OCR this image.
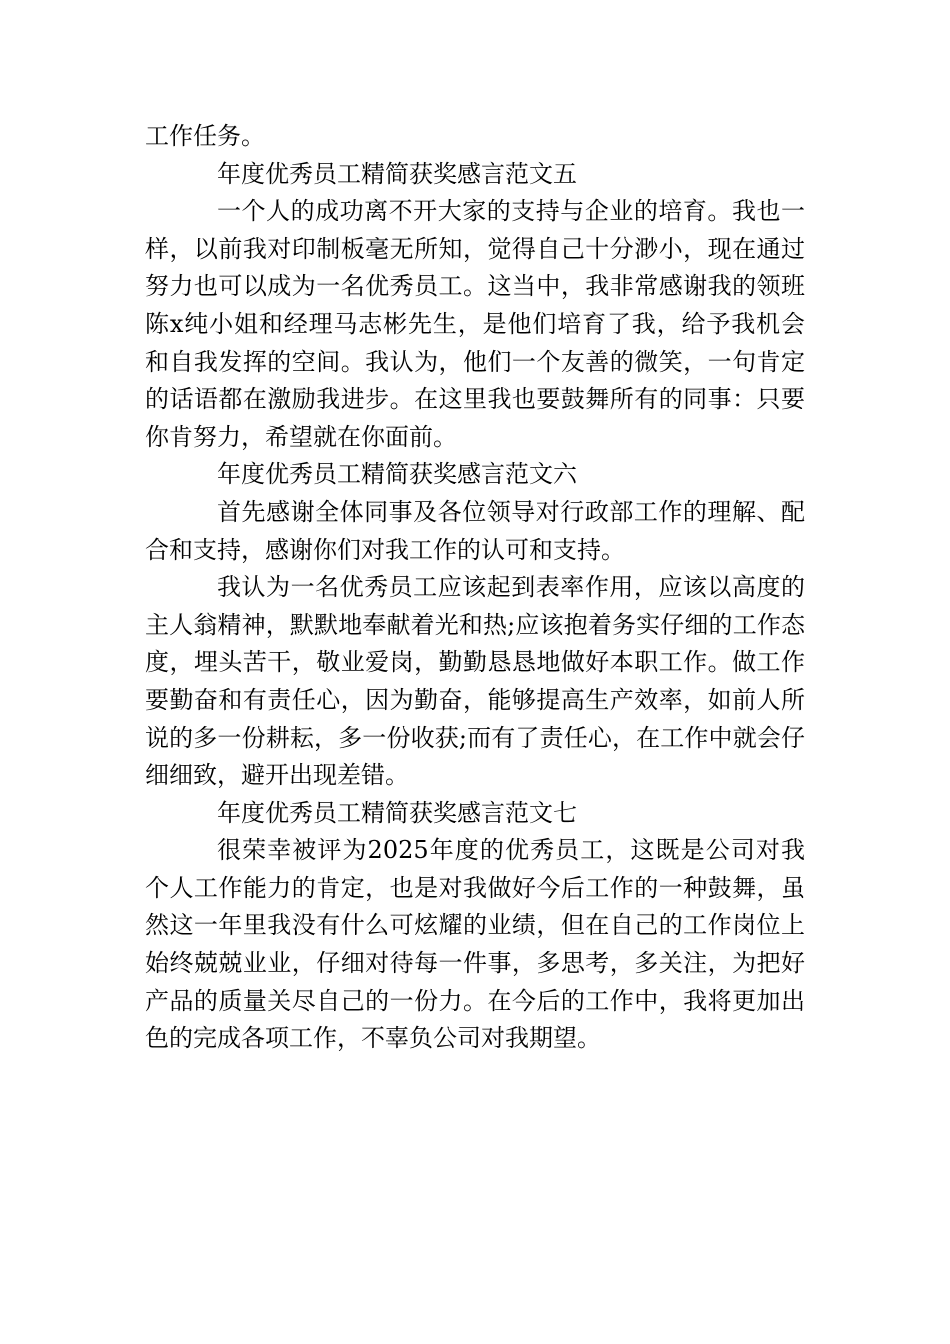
工作任务。

年度优秀员工精简获奖感言范文五

一个人的成功离不开大家的支持与企业的培育。我也一样，以前我对印制板毫无所知，觉得自己十分渺小，现在通过努力也可以成为一名优秀员工。这当中，我非常感谢我的领班陈x纯小姐和经理马志彬先生，是他们培育了我，给予我机会和自我发挥的空间。我认为，他们一个友善的微笑，一句肯定的话语都在激励我进步。在这里我也要鼓舞所有的同事：只要你肯努力，希望就在你面前。

年度优秀员工精简获奖感言范文六

首先感谢全体同事及各位领导对行政部工作的理解、配合和支持，感谢你们对我工作的认可和支持。

我认为一名优秀员工应该起到表率作用，应该以高度的主人翁精神，默默地奉献着光和热;应该抱着务实仔细的工作态度，埋头苦干，敬业爱岗，勤勤恳恳地做好本职工作。做工作要勤奋和有责任心，因为勤奋，能够提高生产效率，如前人所说的多一份耕耘，多一份收获;而有了责任心，在工作中就会仔细细致，避开出现差错。

年度优秀员工精简获奖感言范文七

很荣幸被评为2025年度的优秀员工，这既是公司对我个人工作能力的肯定，也是对我做好今后工作的一种鼓舞，虽然这一年里我没有什么可炫耀的业绩，但在自己的工作岗位上始终兢兢业业，仔细对待每一件事，多思考，多关注，为把好产品的质量关尽自己的一份力。在今后的工作中，我将更加出色的完成各项工作，不辜负公司对我期望。
